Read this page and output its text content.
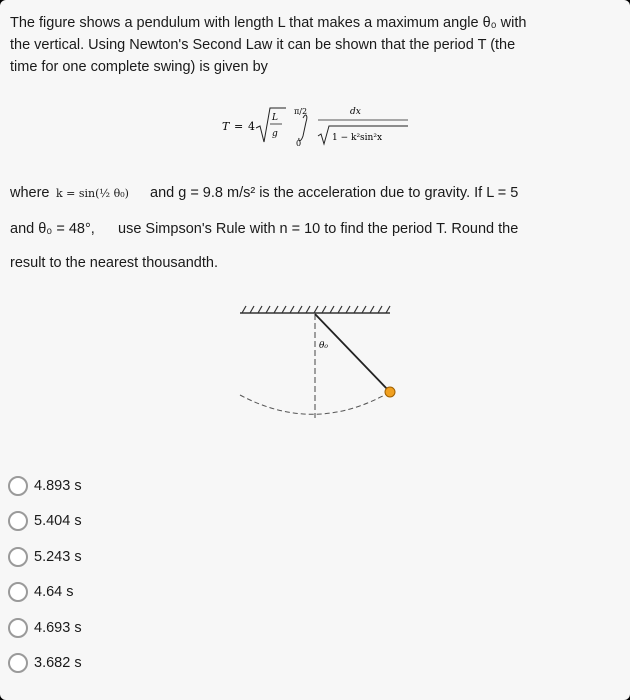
The figure shows a pendulum with length L that makes a maximum angle θ₀ with
the vertical. Using Newton's Second Law it can be shown that the period T (the
time for one complete swing) is given by
T = 4
L
g
π/2
0
dx
1 − k²sin²x
where k = sin(½ θ₀) and g = 9.8 m/s² is the acceleration due to gravity. If L = 5
and θ₀ = 48°, use Simpson's Rule with n = 10 to find the period T. Round the
result to the nearest thousandth.
θ₀
4.893 s
5.404 s
5.243 s
4.64 s
4.693 s
3.682 s
